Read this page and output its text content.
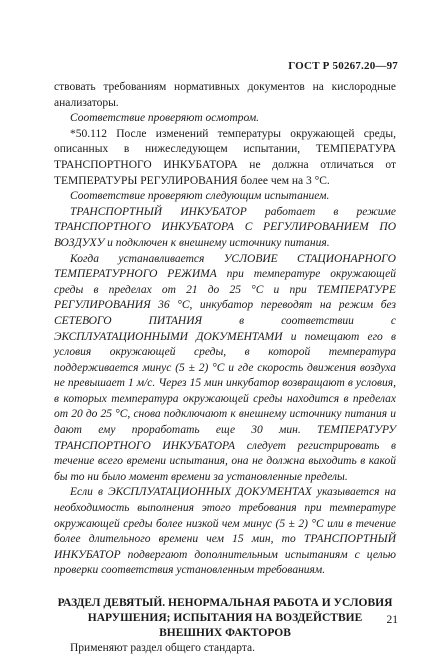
ГОСТ Р 50267.20—97

ствовать требованиям нормативных документов на кислородные анализаторы.

Соответствие проверяют осмотром.

*50.112 После изменений температуры окружающей среды, описанных в нижеследующем испытании, ТЕМПЕРАТУРА ТРАНСПОРТНОГО ИНКУБАТОРА не должна отличаться от ТЕМПЕРАТУРЫ РЕГУЛИРОВАНИЯ более чем на 3 °С.

Соответствие проверяют следующим испытанием.

ТРАНСПОРТНЫЙ ИНКУБАТОР работает в режиме ТРАНСПОРТНОГО ИНКУБАТОРА С РЕГУЛИРОВАНИЕМ ПО ВОЗДУХУ и подключен к внешнему источнику питания.

Когда устанавливается УСЛОВИЕ СТАЦИОНАРНОГО ТЕМПЕРАТУРНОГО РЕЖИМА при температуре окружающей среды в пределах от 21 до 25 °С и при ТЕМПЕРАТУРЕ РЕГУЛИРОВАНИЯ 36 °С, инкубатор переводят на режим без СЕТЕВОГО ПИТАНИЯ в соответствии с ЭКСПЛУАТАЦИОННЫМИ ДОКУМЕНТАМИ и помещают его в условия окружающей среды, в которой температура поддерживается минус (5 ± 2) °С и где скорость движения воздуха не превышает 1 м/с. Через 15 мин инкубатор возвращают в условия, в которых температура окружающей среды находится в пределах от 20 до 25 °С, снова подключают к внешнему источнику питания и дают ему проработать еще 30 мин. ТЕМПЕРАТУРУ ТРАНСПОРТНОГО ИНКУБАТОРА следует регистрировать в течение всего времени испытания, она не должна выходить в какой бы то ни было момент времени за установленные пределы.

Если в ЭКСПЛУАТАЦИОННЫХ ДОКУМЕНТАХ указывается на необходимость выполнения этого требования при температуре окружающей среды более низкой чем минус (5 ± 2) °С или в течение более длительного времени чем 15 мин, то ТРАНСПОРТНЫЙ ИНКУБАТОР подвергают дополнительным испытаниям с целью проверки соответствия установленным требованиям.

РАЗДЕЛ ДЕВЯТЫЙ. НЕНОРМАЛЬНАЯ РАБОТА И УСЛОВИЯ
НАРУШЕНИЯ; ИСПЫТАНИЯ НА ВОЗДЕЙСТВИЕ
ВНЕШНИХ ФАКТОРОВ

Применяют раздел общего стандарта.

21
